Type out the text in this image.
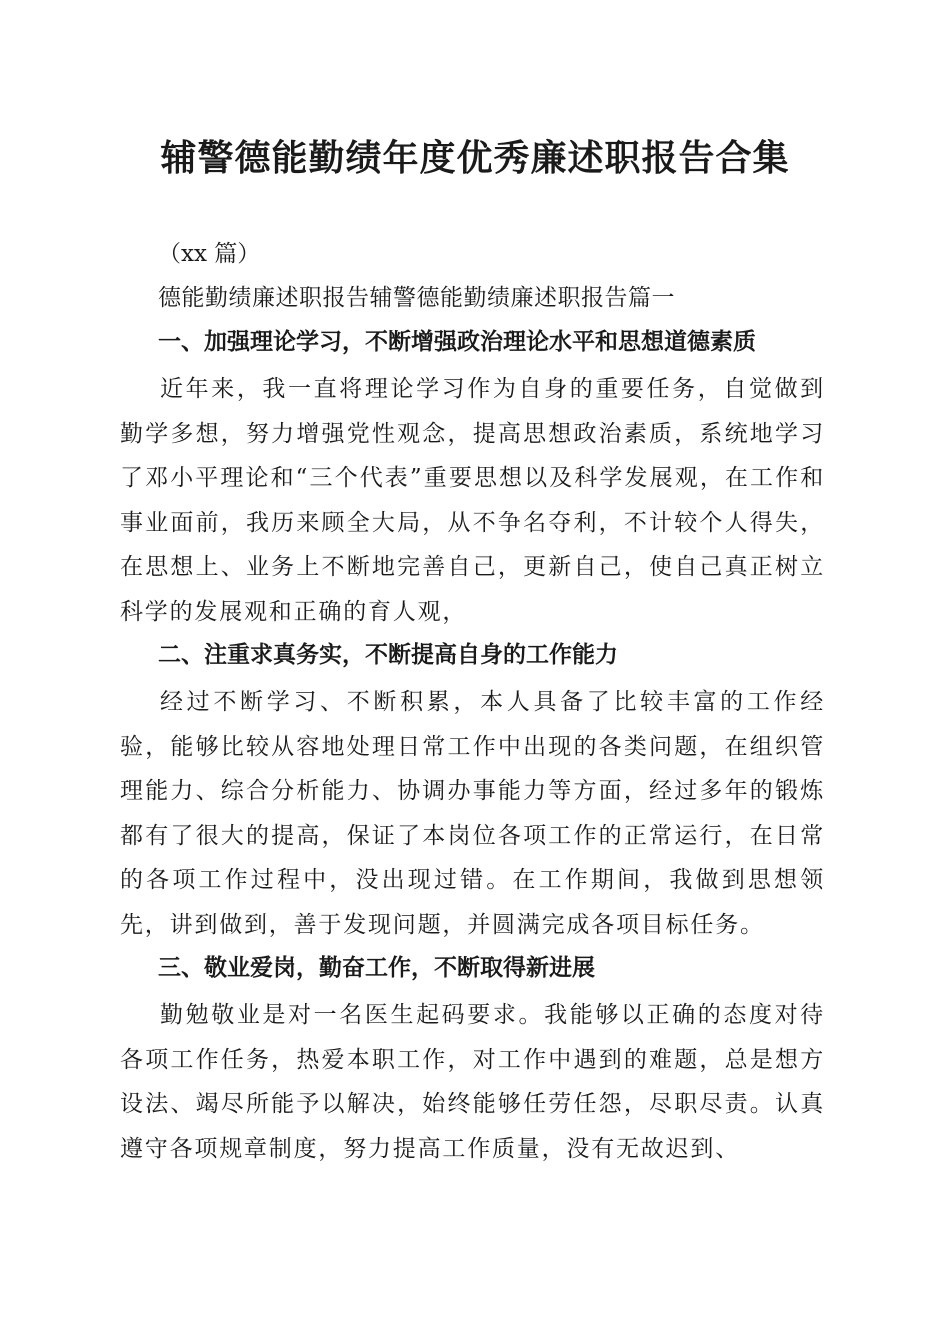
辅警德能勤绩年度优秀廉述职报告合集
（xx 篇）
德能勤绩廉述职报告辅警德能勤绩廉述职报告篇一
一、加强理论学习，不断增强政治理论水平和思想道德素质

近年来，我一直将理论学习作为自身的重要任务，自觉做到勤学多想，努力增强党性观念，提高思想政治素质，系统地学习了邓小平理论和“三个代表”重要思想以及科学发展观，在工作和事业面前，我历来顾全大局，从不争名夺利，不计较个人得失，在思想上、业务上不断地完善自己，更新自己，使自己真正树立科学的发展观和正确的育人观，

二、注重求真务实，不断提高自身的工作能力

经过不断学习、不断积累，本人具备了比较丰富的工作经验，能够比较从容地处理日常工作中出现的各类问题，在组织管理能力、综合分析能力、协调办事能力等方面，经过多年的锻炼都有了很大的提高，保证了本岗位各项工作的正常运行，在日常的各项工作过程中，没出现过错。在工作期间，我做到思想领先，讲到做到，善于发现问题，并圆满完成各项目标任务。

三、敬业爱岗，勤奋工作，不断取得新进展

勤勉敬业是对一名医生起码要求。我能够以正确的态度对待各项工作任务，热爱本职工作，对工作中遇到的难题，总是想方设法、竭尽所能予以解决，始终能够任劳任怨，尽职尽责。认真遵守各项规章制度，努力提高工作质量，没有无故迟到、
